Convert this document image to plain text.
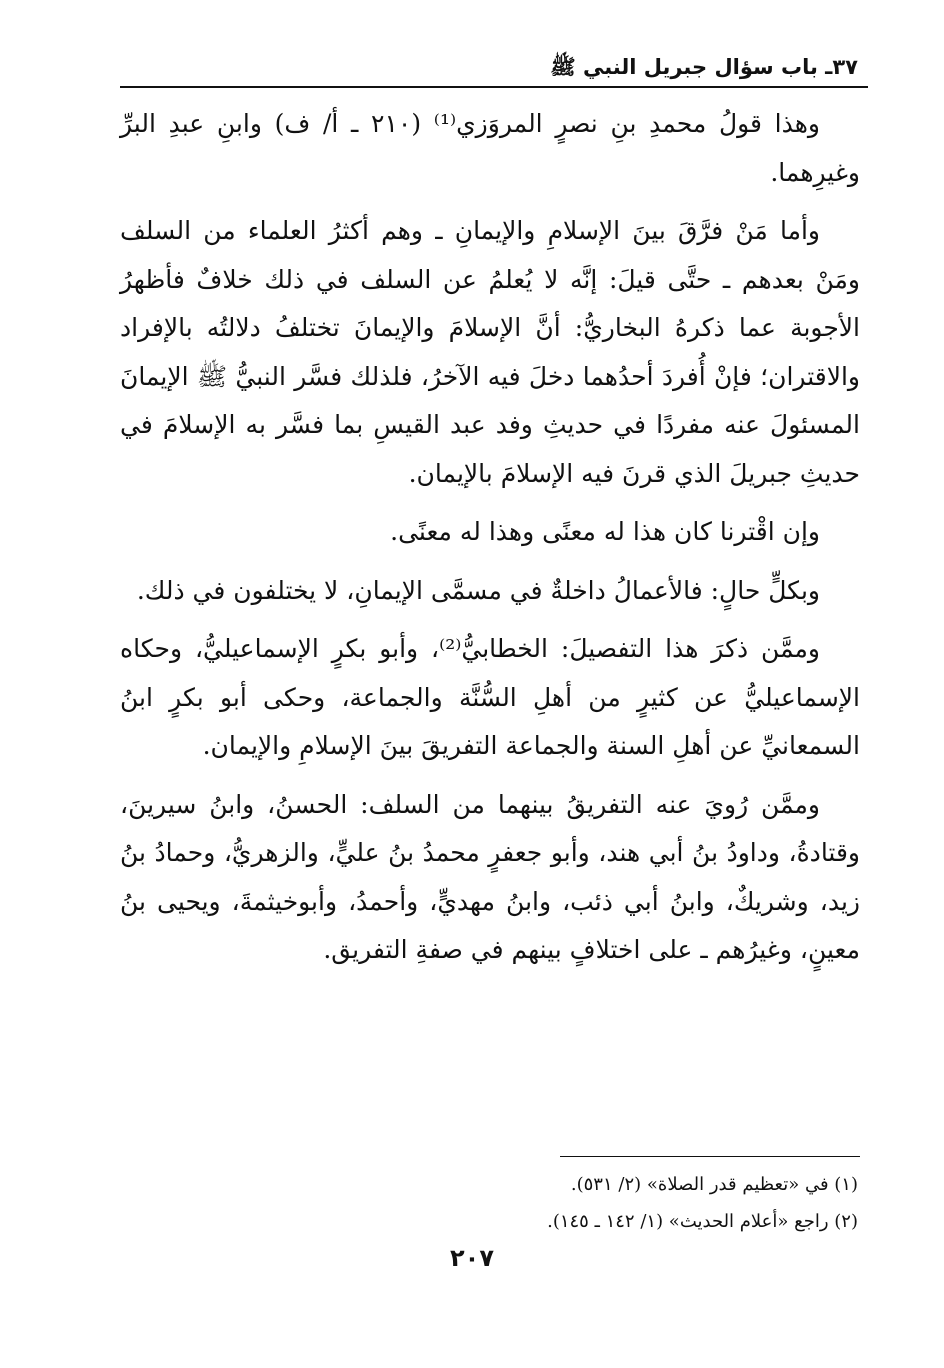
٣٧ـ باب سؤال جبريل النبي ﷺ

وهذا قولُ محمدِ بنِ نصرٍ المروَزي⁽¹⁾ (٢١٠ ـ أ/ ف) وابنِ عبدِ البرِّ وغيرِهما.

وأما مَنْ فرَّقَ بينَ الإسلامِ والإيمانِ ـ وهم أكثرُ العلماء من السلف ومَنْ بعدهم ـ حتَّى قيلَ: إنَّه لا يُعلمُ عن السلف في ذلك خلافٌ فأظهرُ الأجوبة عما ذكرهُ البخاريُّ: أنَّ الإسلامَ والإيمانَ تختلفُ دلالتُه بالإفراد والاقتران؛ فإنْ أُفردَ أحدُهما دخلَ فيه الآخرُ، فلذلك فسَّر النبيُّ ﷺ الإيمانَ المسئولَ عنه مفردًا في حديثِ وفد عبد القيسِ بما فسَّر به الإسلامَ في حديثِ جبريلَ الذي قرنَ فيه الإسلامَ بالإيمان.

وإن اقْترنا كان هذا له معنًى وهذا له معنًى.

وبكلٍّ حالٍ: فالأعمالُ داخلةٌ في مسمَّى الإيمانِ، لا يختلفون في ذلك.

وممَّن ذكرَ هذا التفصيلَ: الخطابيُّ⁽²⁾، وأبو بكرٍ الإسماعيليُّ، وحكاه الإسماعيليُّ عن كثيرٍ من أهلِ السُّنَّة والجماعة، وحكى أبو بكرٍ ابنُ السمعانيِّ عن أهلِ السنة والجماعة التفريقَ بينَ الإسلامِ والإيمان.

وممَّن رُويَ عنه التفريقُ بينهما من السلف: الحسنُ، وابنُ سيرينَ، وقتادةُ، وداودُ بنُ أبي هند، وأبو جعفرٍ محمدُ بنُ عليٍّ، والزهريُّ، وحمادُ بنُ زيد، وشريكٌ، وابنُ أبي ذئب، وابنُ مهديٍّ، وأحمدُ، وأبوخيثمةَ، ويحيى بنُ معينٍ، وغيرُهم ـ على اختلافٍ بينهم في صفةِ التفريق.

(١) في «تعظيم قدر الصلاة» (٢/ ٥٣١).

(٢) راجع «أعلام الحديث» (١/ ١٤٢ ـ ١٤٥).

٢٠٧
